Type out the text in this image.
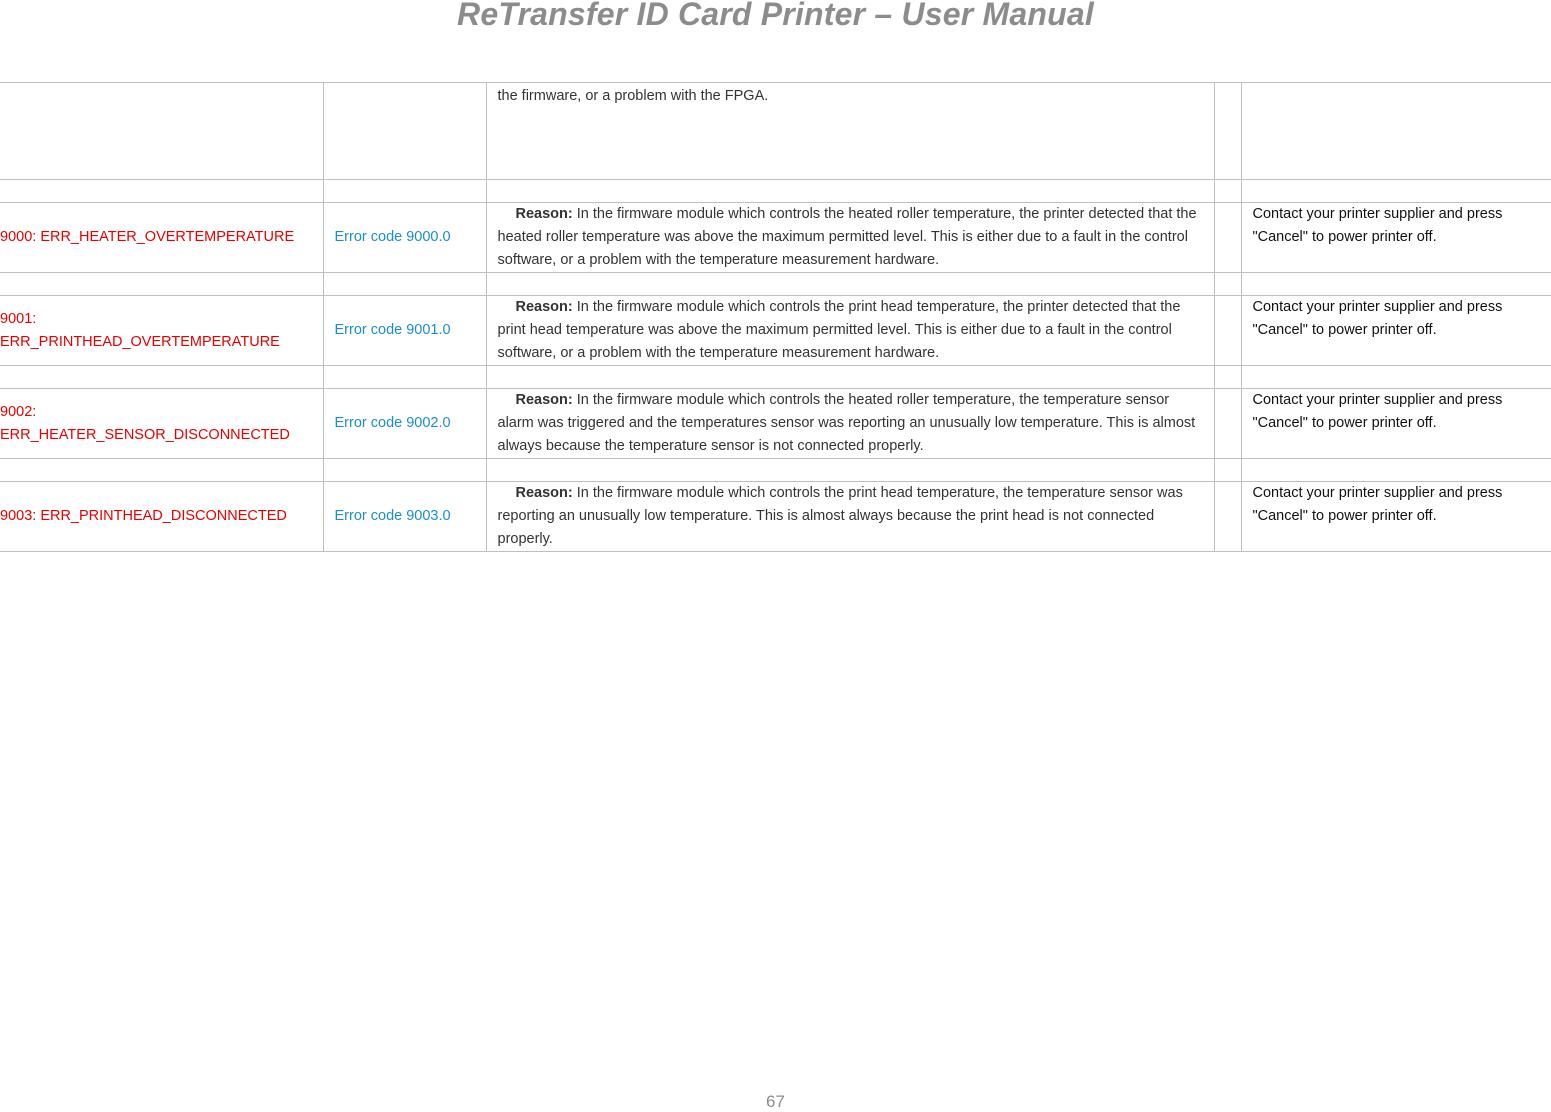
ReTransfer ID Card Printer – User Manual
		the firmware, or a problem with the FPGA.		

9000: ERR_HEATER_OVERTEMPERATURE	Error code 9000.0	Reason: In the firmware module which controls the heated roller temperature, the printer detected that the heated roller temperature was above the maximum permitted level. This is either due to a fault in the control software, or a problem with the temperature measurement hardware.		Contact your printer supplier and press "Cancel" to power printer off.

9001: ERR_PRINTHEAD_OVERTEMPERATURE	Error code 9001.0	Reason: In the firmware module which controls the print head temperature, the printer detected that the print head temperature was above the maximum permitted level. This is either due to a fault in the control software, or a problem with the temperature measurement hardware.		Contact your printer supplier and press "Cancel" to power printer off.

9002: ERR_HEATER_SENSOR_DISCONNECTED	Error code 9002.0	Reason: In the firmware module which controls the heated roller temperature, the temperature sensor alarm was triggered and the temperatures sensor was reporting an unusually low temperature. This is almost always because the temperature sensor is not connected properly.		Contact your printer supplier and press "Cancel" to power printer off.

9003: ERR_PRINTHEAD_DISCONNECTED	Error code 9003.0	Reason: In the firmware module which controls the print head temperature, the temperature sensor was reporting an unusually low temperature. This is almost always because the print head is not connected properly.		Contact your printer supplier and press "Cancel" to power printer off.
67
